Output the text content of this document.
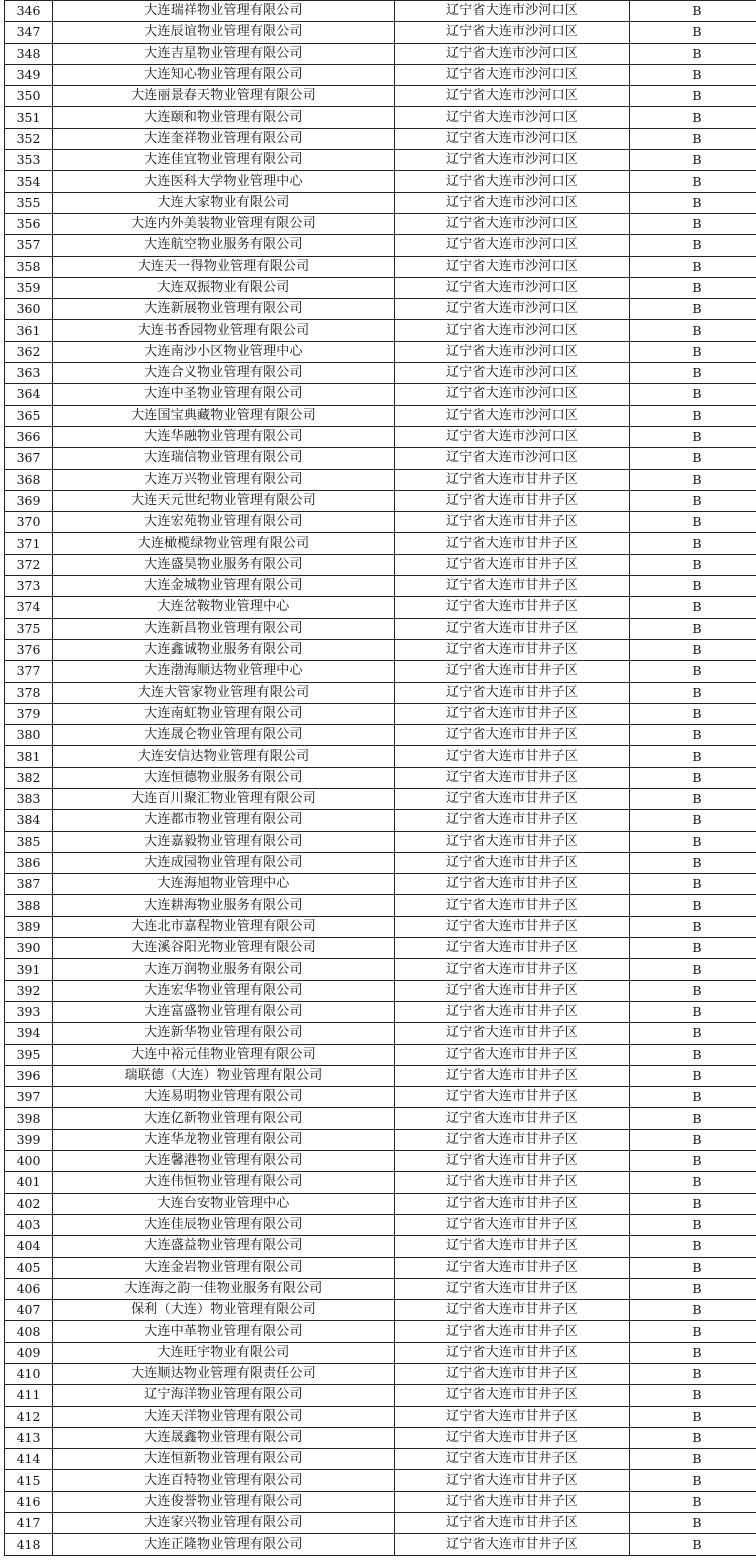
346	大连瑞祥物业管理有限公司	辽宁省大连市沙河口区	B
347	大连辰谊物业管理有限公司	辽宁省大连市沙河口区	B
348	大连吉星物业管理有限公司	辽宁省大连市沙河口区	B
349	大连知心物业管理有限公司	辽宁省大连市沙河口区	B
350	大连丽景春天物业管理有限公司	辽宁省大连市沙河口区	B
351	大连颐和物业管理有限公司	辽宁省大连市沙河口区	B
352	大连奎祥物业管理有限公司	辽宁省大连市沙河口区	B
353	大连佳宜物业管理有限公司	辽宁省大连市沙河口区	B
354	大连医科大学物业管理中心	辽宁省大连市沙河口区	B
355	大连大家物业有限公司	辽宁省大连市沙河口区	B
356	大连内外美装物业管理有限公司	辽宁省大连市沙河口区	B
357	大连航空物业服务有限公司	辽宁省大连市沙河口区	B
358	大连天一得物业管理有限公司	辽宁省大连市沙河口区	B
359	大连双振物业有限公司	辽宁省大连市沙河口区	B
360	大连新展物业管理有限公司	辽宁省大连市沙河口区	B
361	大连书香园物业管理有限公司	辽宁省大连市沙河口区	B
362	大连南沙小区物业管理中心	辽宁省大连市沙河口区	B
363	大连合义物业管理有限公司	辽宁省大连市沙河口区	B
364	大连中圣物业管理有限公司	辽宁省大连市沙河口区	B
365	大连国宝典藏物业管理有限公司	辽宁省大连市沙河口区	B
366	大连华融物业管理有限公司	辽宁省大连市沙河口区	B
367	大连瑞信物业管理有限公司	辽宁省大连市沙河口区	B
368	大连万兴物业管理有限公司	辽宁省大连市甘井子区	B
369	大连天元世纪物业管理有限公司	辽宁省大连市甘井子区	B
370	大连宏苑物业管理有限公司	辽宁省大连市甘井子区	B
371	大连橄榄绿物业管理有限公司	辽宁省大连市甘井子区	B
372	大连盛昊物业服务有限公司	辽宁省大连市甘井子区	B
373	大连金城物业管理有限公司	辽宁省大连市甘井子区	B
374	大连岔鞍物业管理中心	辽宁省大连市甘井子区	B
375	大连新昌物业管理有限公司	辽宁省大连市甘井子区	B
376	大连鑫诚物业服务有限公司	辽宁省大连市甘井子区	B
377	大连渤海顺达物业管理中心	辽宁省大连市甘井子区	B
378	大连大管家物业管理有限公司	辽宁省大连市甘井子区	B
379	大连南虹物业管理有限公司	辽宁省大连市甘井子区	B
380	大连晟仑物业管理有限公司	辽宁省大连市甘井子区	B
381	大连安信达物业管理有限公司	辽宁省大连市甘井子区	B
382	大连恒德物业服务有限公司	辽宁省大连市甘井子区	B
383	大连百川聚汇物业管理有限公司	辽宁省大连市甘井子区	B
384	大连都市物业管理有限公司	辽宁省大连市甘井子区	B
385	大连嘉毅物业管理有限公司	辽宁省大连市甘井子区	B
386	大连成园物业管理有限公司	辽宁省大连市甘井子区	B
387	大连海旭物业管理中心	辽宁省大连市甘井子区	B
388	大连耕海物业服务有限公司	辽宁省大连市甘井子区	B
389	大连北市嘉程物业管理有限公司	辽宁省大连市甘井子区	B
390	大连溪谷阳光物业管理有限公司	辽宁省大连市甘井子区	B
391	大连万润物业服务有限公司	辽宁省大连市甘井子区	B
392	大连宏华物业管理有限公司	辽宁省大连市甘井子区	B
393	大连富盛物业管理有限公司	辽宁省大连市甘井子区	B
394	大连新华物业管理有限公司	辽宁省大连市甘井子区	B
395	大连中裕元佳物业管理有限公司	辽宁省大连市甘井子区	B
396	瑞联德（大连）物业管理有限公司	辽宁省大连市甘井子区	B
397	大连易明物业管理有限公司	辽宁省大连市甘井子区	B
398	大连亿新物业管理有限公司	辽宁省大连市甘井子区	B
399	大连华龙物业管理有限公司	辽宁省大连市甘井子区	B
400	大连馨港物业管理有限公司	辽宁省大连市甘井子区	B
401	大连伟恒物业管理有限公司	辽宁省大连市甘井子区	B
402	大连台安物业管理中心	辽宁省大连市甘井子区	B
403	大连佳辰物业管理有限公司	辽宁省大连市甘井子区	B
404	大连盛益物业管理有限公司	辽宁省大连市甘井子区	B
405	大连金岩物业管理有限公司	辽宁省大连市甘井子区	B
406	大连海之韵一佳物业服务有限公司	辽宁省大连市甘井子区	B
407	保利（大连）物业管理有限公司	辽宁省大连市甘井子区	B
408	大连中革物业管理有限公司	辽宁省大连市甘井子区	B
409	大连旺宇物业有限公司	辽宁省大连市甘井子区	B
410	大连顺达物业管理有限责任公司	辽宁省大连市甘井子区	B
411	辽宁海洋物业管理有限公司	辽宁省大连市甘井子区	B
412	大连天洋物业管理有限公司	辽宁省大连市甘井子区	B
413	大连晟鑫物业管理有限公司	辽宁省大连市甘井子区	B
414	大连恒新物业管理有限公司	辽宁省大连市甘井子区	B
415	大连百特物业管理有限公司	辽宁省大连市甘井子区	B
416	大连俊誉物业管理有限公司	辽宁省大连市甘井子区	B
417	大连家兴物业管理有限公司	辽宁省大连市甘井子区	B
418	大连正隆物业管理有限公司	辽宁省大连市甘井子区	B
